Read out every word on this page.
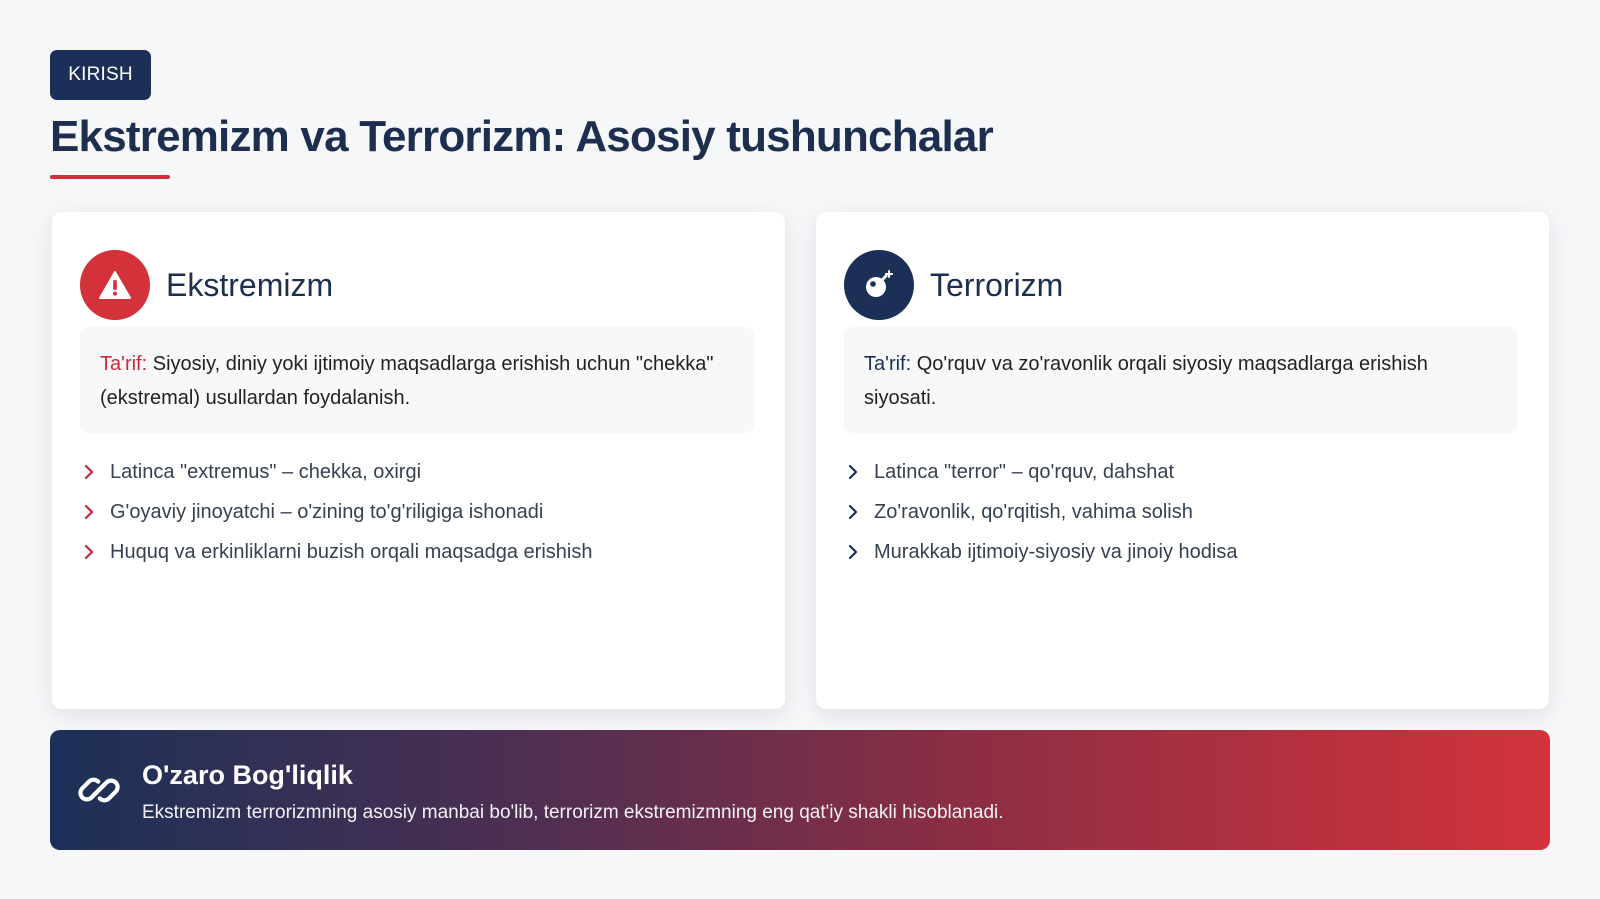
KIRISH
Ekstremizm va Terrorizm: Asosiy tushunchalar
Ekstremizm
Ta'rif: Siyosiy, diniy yoki ijtimoiy maqsadlarga erishish uchun "chekka" (ekstremal) usullardan foydalanish.
Latinca "extremus" – chekka, oxirgi
G'oyaviy jinoyatchi – o'zining to'g'riligiga ishonadi
Huquq va erkinliklarni buzish orqali maqsadga erishish
Terrorizm
Ta'rif: Qo'rquv va zo'ravonlik orqali siyosiy maqsadlarga erishish siyosati.
Latinca "terror" – qo'rquv, dahshat
Zo'ravonlik, qo'rqitish, vahima solish
Murakkab ijtimoiy-siyosiy va jinoiy hodisa
O'zaro Bog'liqlik
Ekstremizm terrorizmning asosiy manbai bo'lib, terrorizm ekstremizmning eng qat'iy shakli hisoblanadi.
